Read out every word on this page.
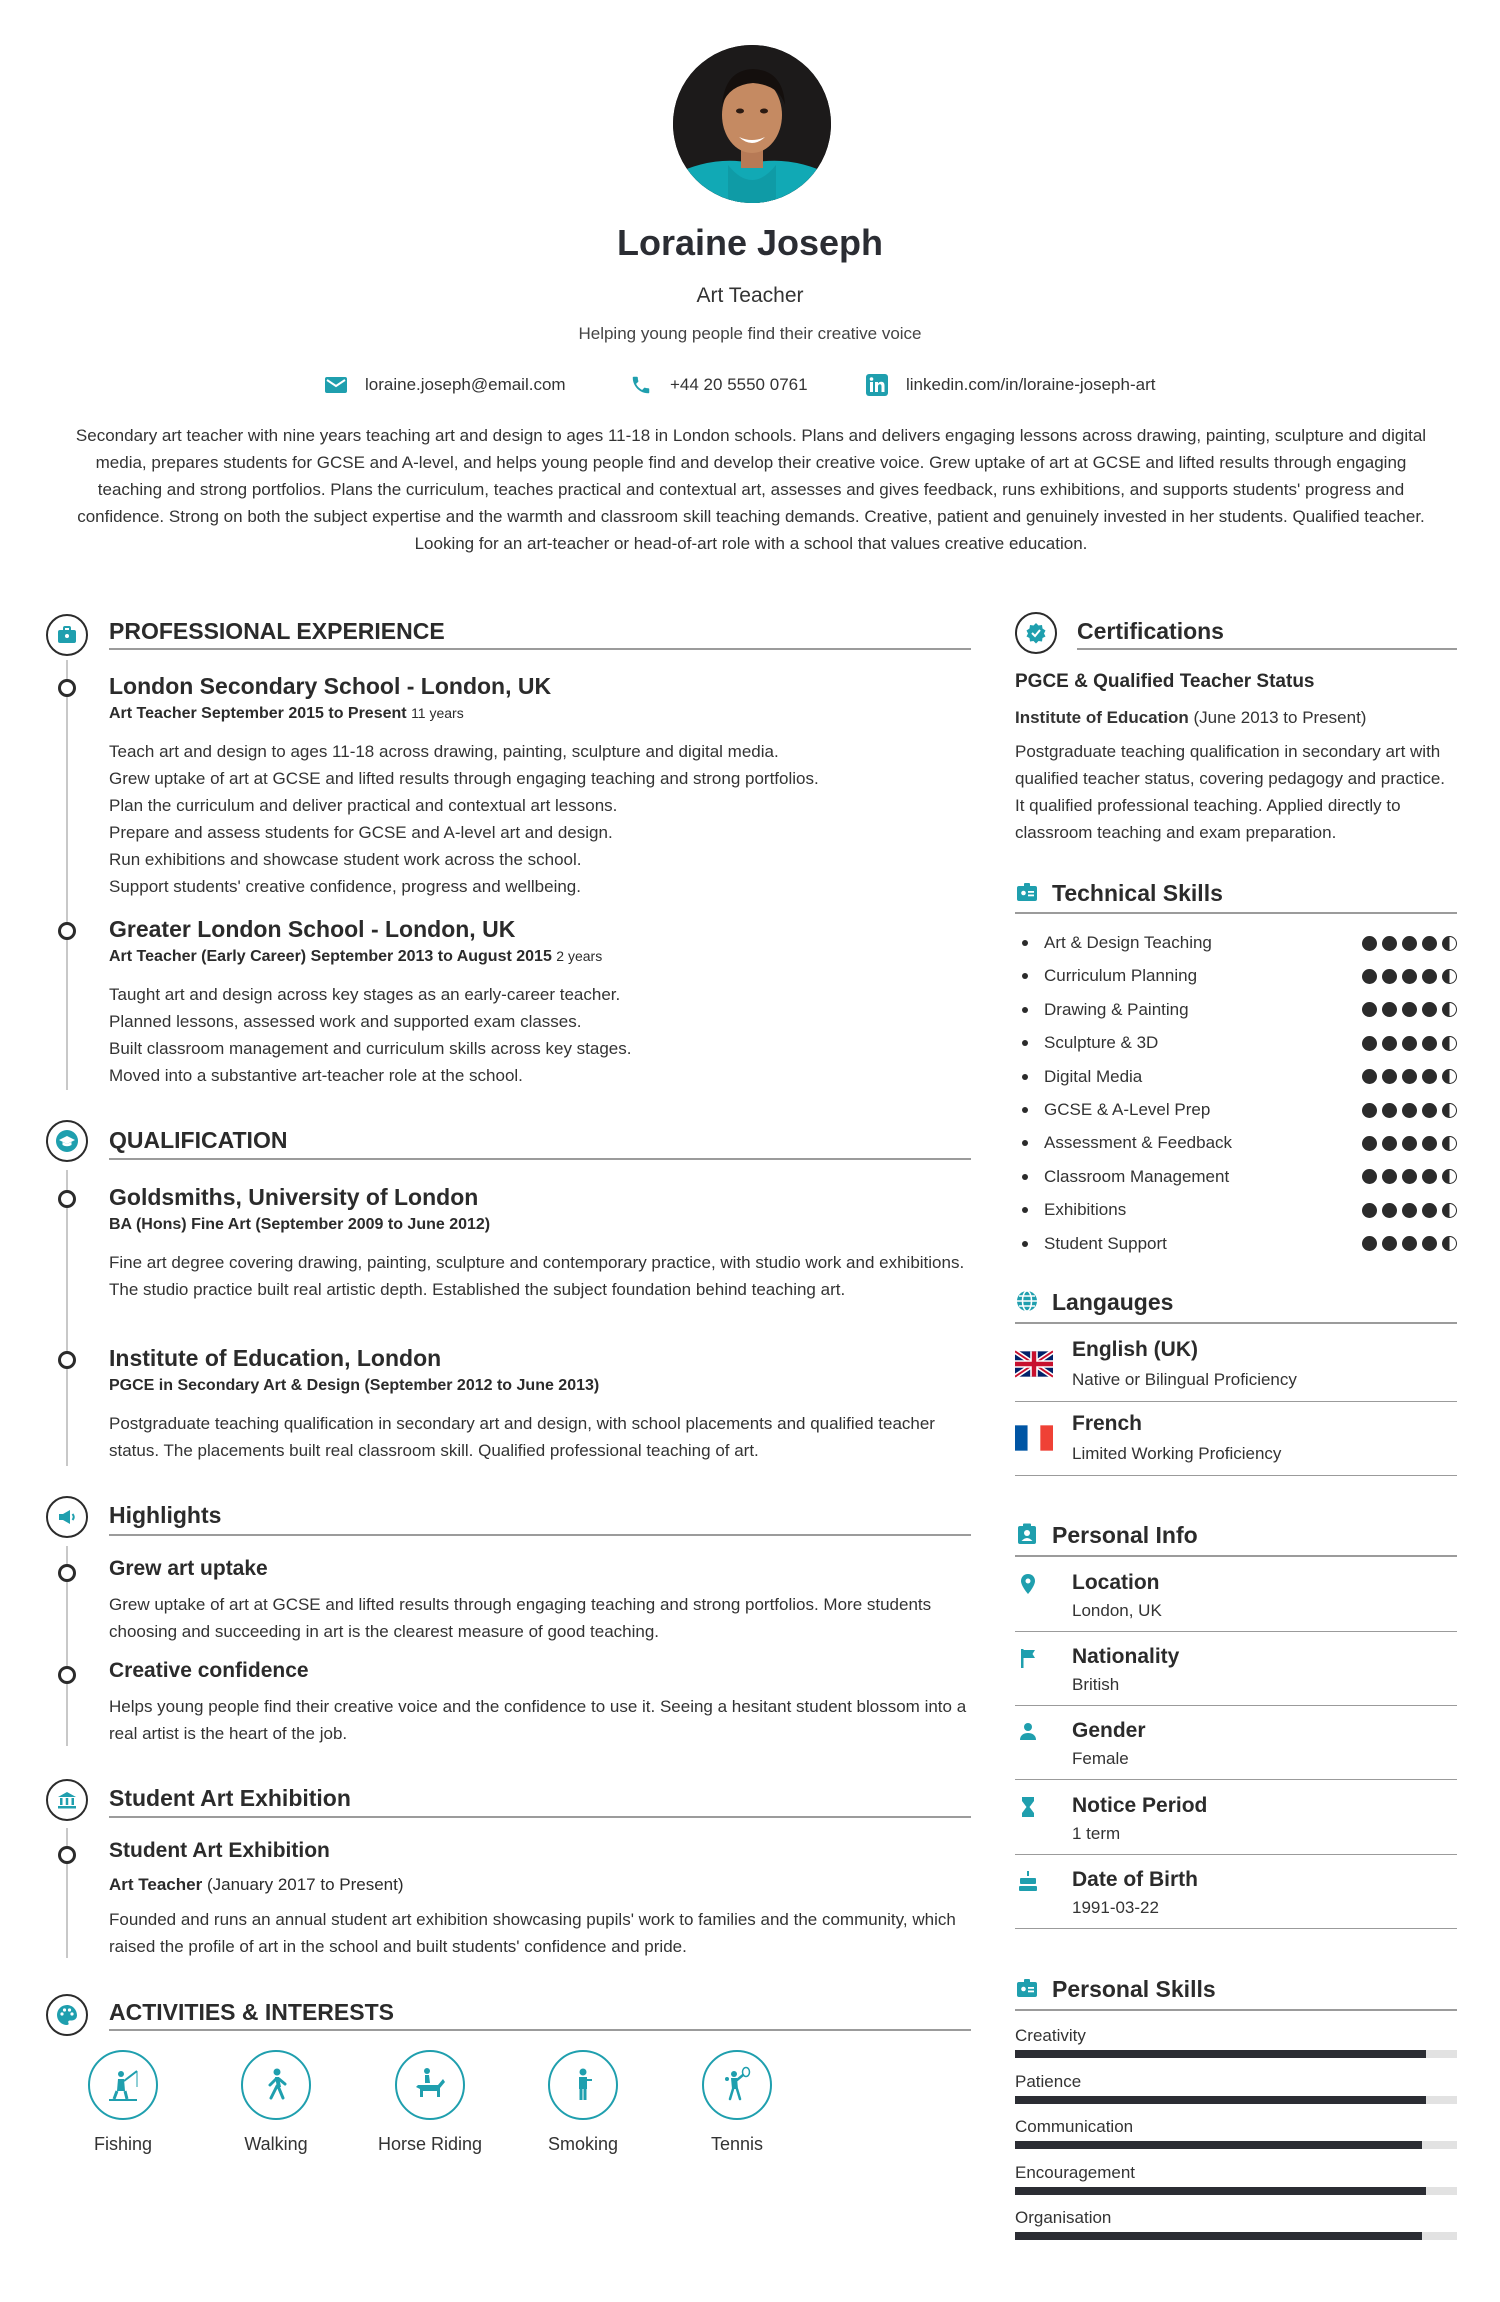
Loraine Joseph
Art Teacher
Helping young people find their creative voice
loraine.joseph@email.com	+44 20 5550 0761	linkedin.com/in/loraine-joseph-art
Secondary art teacher with nine years teaching art and design to ages 11-18 in London schools. Plans and delivers engaging lessons across drawing, painting, sculpture and digital media, prepares students for GCSE and A-level, and helps young people find and develop their creative voice. Grew uptake of art at GCSE and lifted results through engaging teaching and strong portfolios. Plans the curriculum, teaches practical and contextual art, assesses and gives feedback, runs exhibitions, and supports students' progress and confidence. Strong on both the subject expertise and the warmth and classroom skill teaching demands. Creative, patient and genuinely invested in her students. Qualified teacher. Looking for an art-teacher or head-of-art role with a school that values creative education.
PROFESSIONAL EXPERIENCE
London Secondary School - London, UK
Art Teacher September 2015 to Present 11 years
Teach art and design to ages 11-18 across drawing, painting, sculpture and digital media.
Grew uptake of art at GCSE and lifted results through engaging teaching and strong portfolios.
Plan the curriculum and deliver practical and contextual art lessons.
Prepare and assess students for GCSE and A-level art and design.
Run exhibitions and showcase student work across the school.
Support students' creative confidence, progress and wellbeing.
Greater London School - London, UK
Art Teacher (Early Career) September 2013 to August 2015 2 years
Taught art and design across key stages as an early-career teacher.
Planned lessons, assessed work and supported exam classes.
Built classroom management and curriculum skills across key stages.
Moved into a substantive art-teacher role at the school.
QUALIFICATION
Goldsmiths, University of London
BA (Hons) Fine Art (September 2009 to June 2012)
Fine art degree covering drawing, painting, sculpture and contemporary practice, with studio work and exhibitions. The studio practice built real artistic depth. Established the subject foundation behind teaching art.
Institute of Education, London
PGCE in Secondary Art & Design (September 2012 to June 2013)
Postgraduate teaching qualification in secondary art and design, with school placements and qualified teacher status. The placements built real classroom skill. Qualified professional teaching of art.
Highlights
Grew art uptake
Grew uptake of art at GCSE and lifted results through engaging teaching and strong portfolios. More students choosing and succeeding in art is the clearest measure of good teaching.
Creative confidence
Helps young people find their creative voice and the confidence to use it. Seeing a hesitant student blossom into a real artist is the heart of the job.
Student Art Exhibition
Student Art Exhibition
Art Teacher (January 2017 to Present)
Founded and runs an annual student art exhibition showcasing pupils' work to families and the community, which raised the profile of art in the school and built students' confidence and pride.
ACTIVITIES & INTERESTS
Fishing	Walking	Horse Riding	Smoking	Tennis
Certifications
PGCE & Qualified Teacher Status
Institute of Education (June 2013 to Present)
Postgraduate teaching qualification in secondary art with qualified teacher status, covering pedagogy and practice. It qualified professional teaching. Applied directly to classroom teaching and exam preparation.
Technical Skills
Art & Design Teaching
Curriculum Planning
Drawing & Painting
Sculpture & 3D
Digital Media
GCSE & A-Level Prep
Assessment & Feedback
Classroom Management
Exhibitions
Student Support
Langauges
English (UK)
Native or Bilingual Proficiency
French
Limited Working Proficiency
Personal Info
Location
London, UK
Nationality
British
Gender
Female
Notice Period
1 term
Date of Birth
1991-03-22
Personal Skills
Creativity
Patience
Communication
Encouragement
Organisation
